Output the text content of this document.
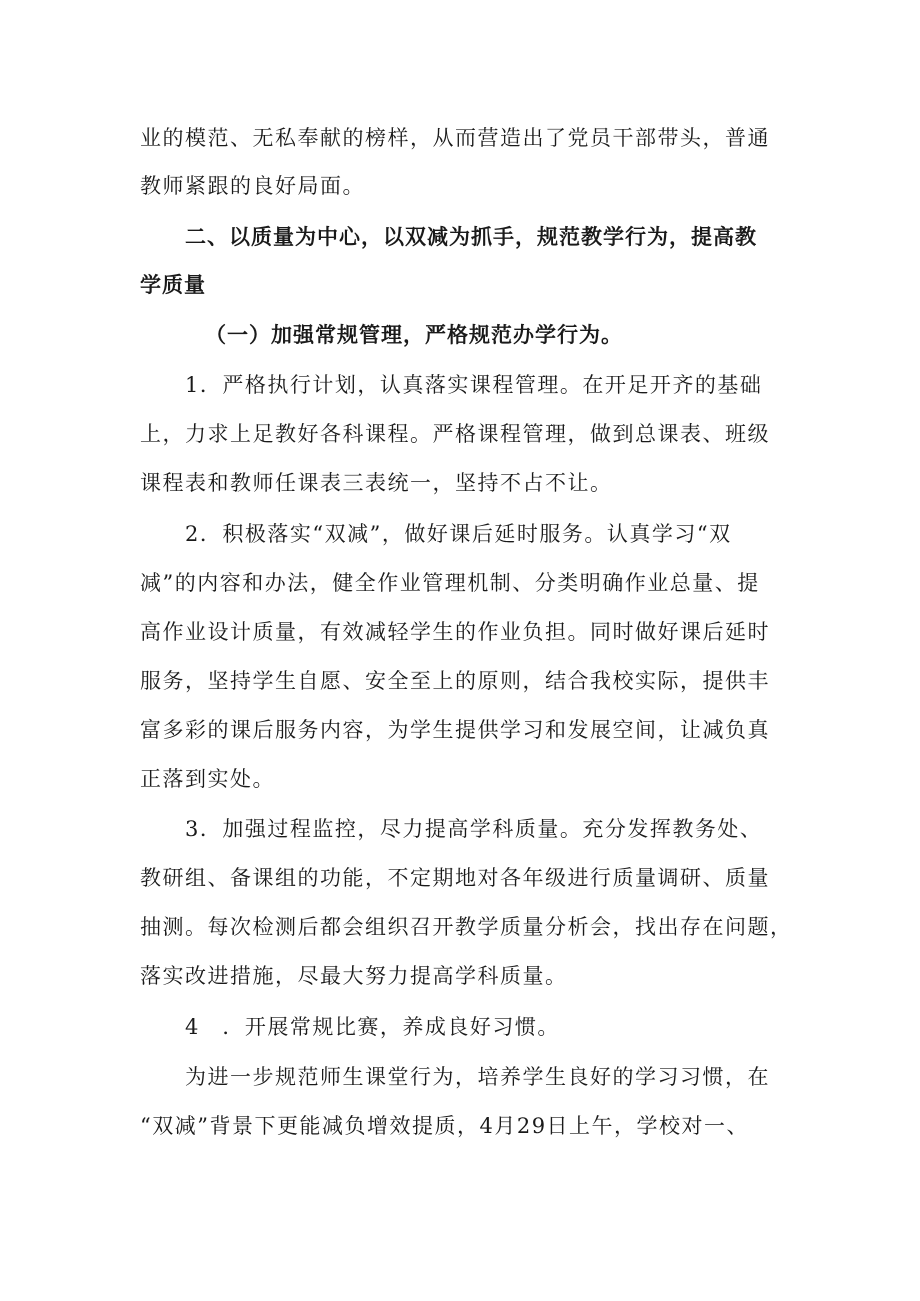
业的模范、无私奉献的榜样，从而营造出了党员干部带头，普通
教师紧跟的良好局面。
二、以质量为中心，以双减为抓手，规范教学行为，提高教
学质量
（一）加强常规管理，严格规范办学行为。
1．严格执行计划，认真落实课程管理。在开足开齐的基础
上，力求上足教好各科课程。严格课程管理，做到总课表、班级
课程表和教师任课表三表统一，坚持不占不让。
2．积极落实“双减”，做好课后延时服务。认真学习“双
减”的内容和办法，健全作业管理机制、分类明确作业总量、提
高作业设计质量，有效减轻学生的作业负担。同时做好课后延时
服务，坚持学生自愿、安全至上的原则，结合我校实际，提供丰
富多彩的课后服务内容，为学生提供学习和发展空间，让减负真
正落到实处。
3．加强过程监控，尽力提高学科质量。充分发挥教务处、
教研组、备课组的功能，不定期地对各年级进行质量调研、质量
抽测。每次检测后都会组织召开教学质量分析会，找出存在问题，
落实改进措施，尽最大努力提高学科质量。
4　．开展常规比赛，养成良好习惯。
为进一步规范师生课堂行为，培养学生良好的学习习惯，在
“双减”背景下更能减负增效提质，4月29日上午，学校对一、
